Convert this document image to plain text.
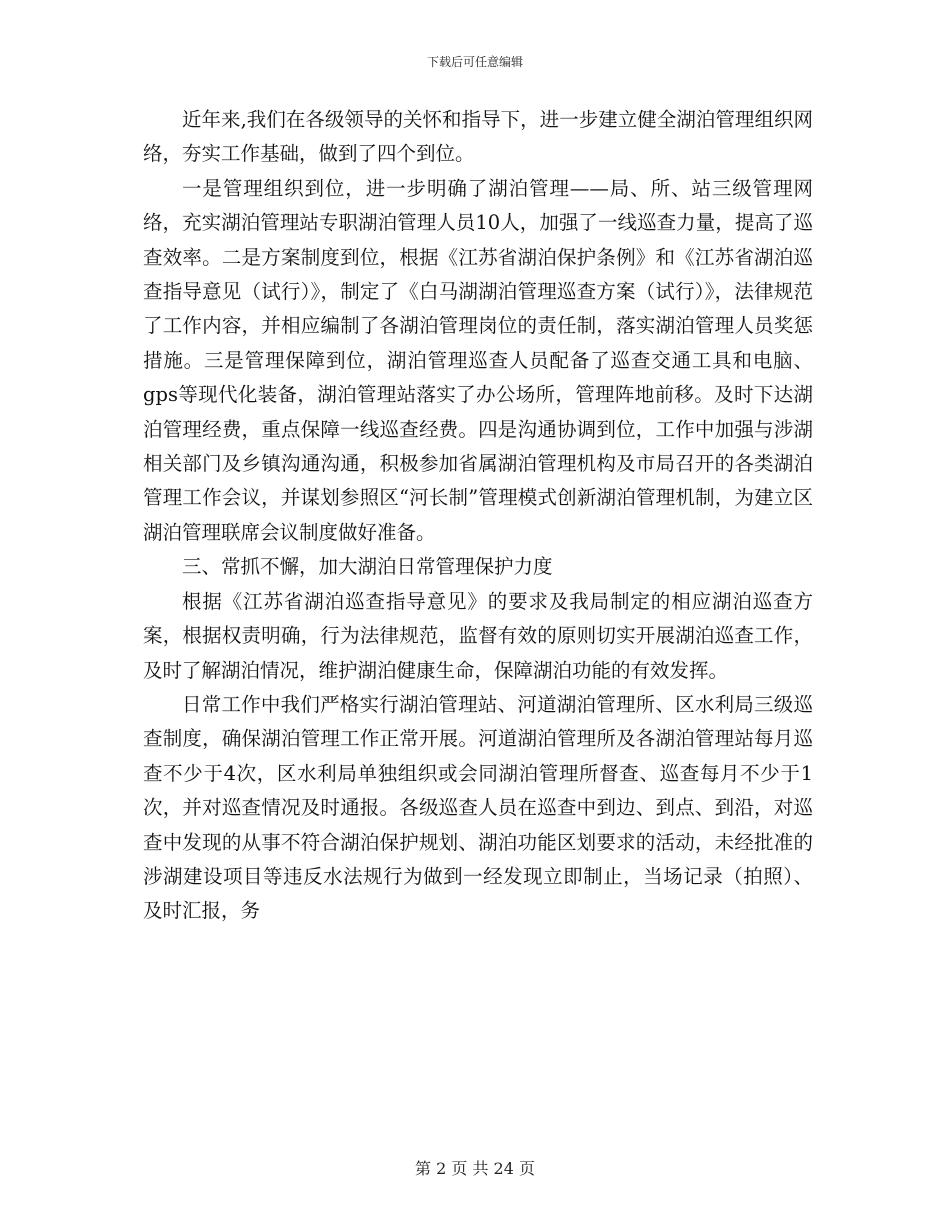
下载后可任意编辑

近年来,我们在各级领导的关怀和指导下，进一步建立健全湖泊管理组织网络，夯实工作基础，做到了四个到位。

一是管理组织到位，进一步明确了湖泊管理——局、所、站三级管理网络，充实湖泊管理站专职湖泊管理人员10人，加强了一线巡查力量，提高了巡查效率。二是方案制度到位，根据《江苏省湖泊保护条例》和《江苏省湖泊巡查指导意见（试行）》，制定了《白马湖湖泊管理巡查方案（试行）》，法律规范了工作内容，并相应编制了各湖泊管理岗位的责任制，落实湖泊管理人员奖惩措施。三是管理保障到位，湖泊管理巡查人员配备了巡查交通工具和电脑、gps等现代化装备，湖泊管理站落实了办公场所，管理阵地前移。及时下达湖泊管理经费，重点保障一线巡查经费。四是沟通协调到位，工作中加强与涉湖相关部门及乡镇沟通沟通，积极参加省属湖泊管理机构及市局召开的各类湖泊管理工作会议，并谋划参照区“河长制”管理模式创新湖泊管理机制，为建立区湖泊管理联席会议制度做好准备。

三、常抓不懈，加大湖泊日常管理保护力度

根据《江苏省湖泊巡查指导意见》的要求及我局制定的相应湖泊巡查方案，根据权责明确，行为法律规范，监督有效的原则切实开展湖泊巡查工作，及时了解湖泊情况，维护湖泊健康生命，保障湖泊功能的有效发挥。

日常工作中我们严格实行湖泊管理站、河道湖泊管理所、区水利局三级巡查制度，确保湖泊管理工作正常开展。河道湖泊管理所及各湖泊管理站每月巡查不少于4次，区水利局单独组织或会同湖泊管理所督查、巡查每月不少于1次，并对巡查情况及时通报。各级巡查人员在巡查中到边、到点、到沿，对巡查中发现的从事不符合湖泊保护规划、湖泊功能区划要求的活动，未经批准的涉湖建设项目等违反水法规行为做到一经发现立即制止，当场记录（拍照）、及时汇报，务

第 2 页 共 24 页
